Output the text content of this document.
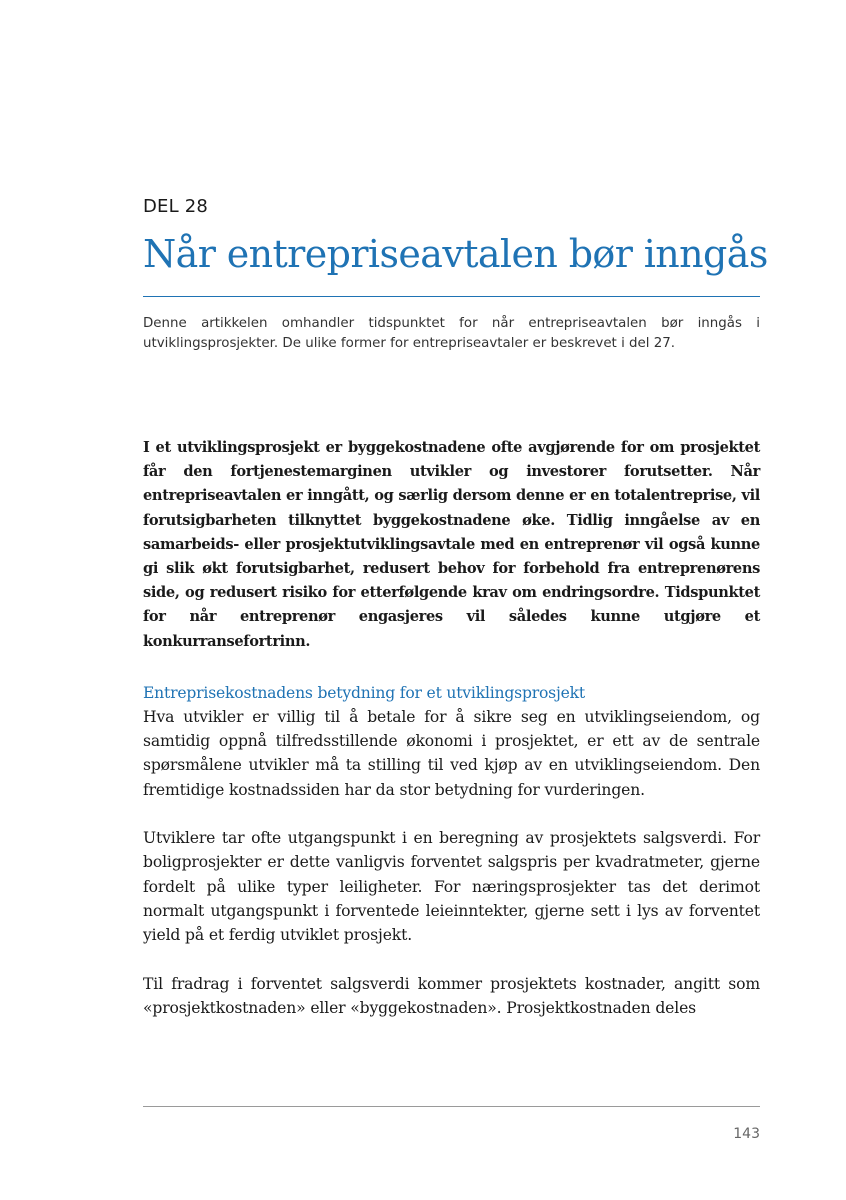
DEL 28
Når entrepriseavtalen bør inngås

Denne artikkelen omhandler tidspunktet for når entrepriseavtalen bør inngås i utviklingsprosjekter. De ulike former for entrepriseavtaler er beskrevet i del 27.

I et utviklingsprosjekt er byggekostnadene ofte avgjørende for om prosjektet får den fortjenestemarginen utvikler og investorer forutsetter. Når entrepriseavtalen er inngått, og særlig dersom denne er en totalentreprise, vil forutsigbarheten tilknyttet byggekostnadene øke. Tidlig inngåelse av en samarbeids- eller prosjektutviklingsavtale med en entreprenør vil også kunne gi slik økt forutsigbarhet, redusert behov for forbehold fra entreprenørens side, og redusert risiko for etterfølgende krav om endringsordre. Tidspunktet for når entreprenør engasjeres vil således kunne utgjøre et konkurransefortrinn.

Entreprisekostnadens betydning for et utviklingsprosjekt

Hva utvikler er villig til å betale for å sikre seg en utviklingseiendom, og samtidig oppnå tilfredsstillende økonomi i prosjektet, er ett av de sentrale spørsmålene utvikler må ta stilling til ved kjøp av en utviklingseiendom. Den fremtidige kostnadssiden har da stor betydning for vurderingen.

Utviklere tar ofte utgangspunkt i en beregning av prosjektets salgsverdi. For boligprosjekter er dette vanligvis forventet salgspris per kvadratmeter, gjerne fordelt på ulike typer leiligheter. For næringsprosjekter tas det derimot normalt utgangspunkt i forventede leieinntekter, gjerne sett i lys av forventet yield på et ferdig utviklet prosjekt.

Til fradrag i forventet salgsverdi kommer prosjektets kostnader, angitt som «prosjektkostnaden» eller «byggekostnaden». Prosjektkostnaden deles

143
